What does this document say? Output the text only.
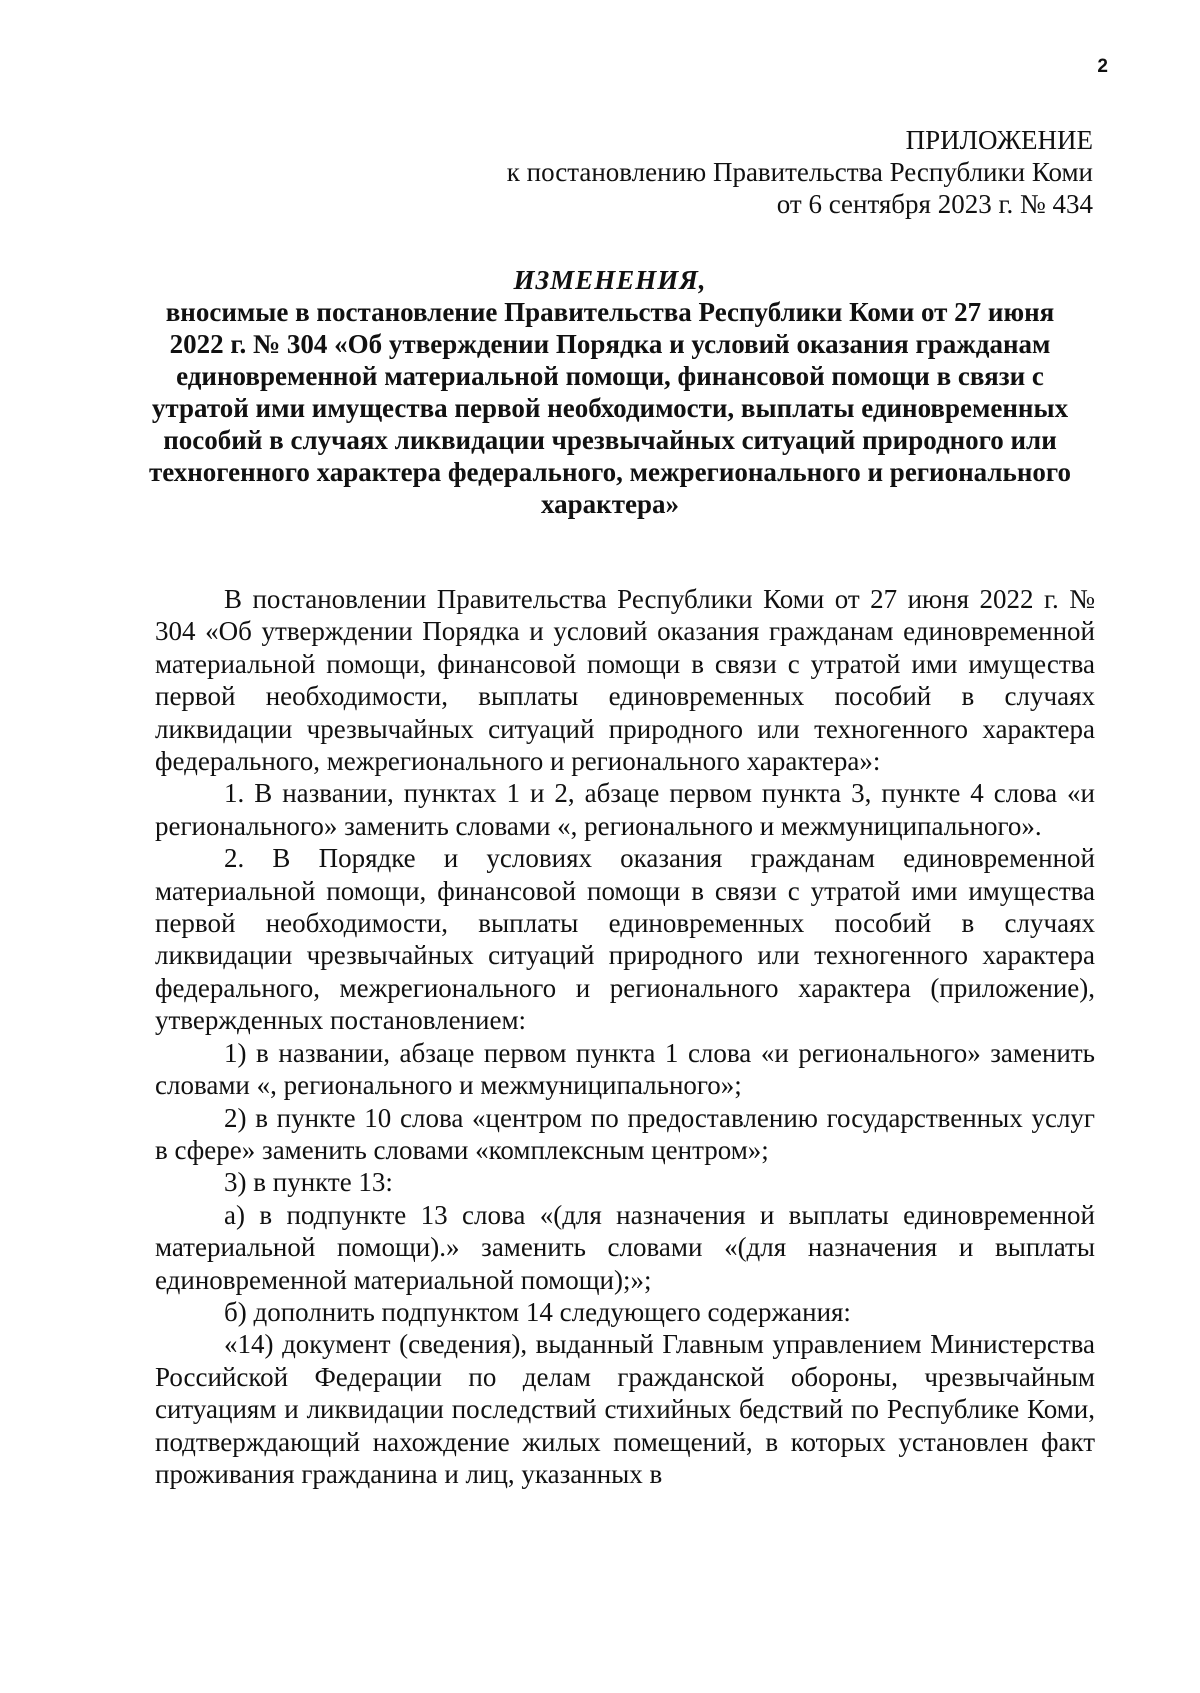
2
ПРИЛОЖЕНИЕ
к постановлению Правительства Республики Коми
от 6 сентября 2023 г. № 434
ИЗМЕНЕНИЯ,
вносимые в постановление Правительства Республики Коми от 27 июня 2022 г. № 304 «Об утверждении Порядка и условий оказания гражданам единовременной материальной помощи, финансовой помощи в связи с утратой ими имущества первой необходимости, выплаты единовременных пособий в случаях ликвидации чрезвычайных ситуаций природного или техногенного характера федерального, межрегионального и регионального характера»

В постановлении Правительства Республики Коми от 27 июня 2022 г. № 304 «Об утверждении Порядка и условий оказания гражданам единовременной материальной помощи, финансовой помощи в связи с утратой ими имущества первой необходимости, выплаты единовременных пособий в случаях ликвидации чрезвычайных ситуаций природного или техногенного характера федерального, межрегионального и регионального характера»:

1. В названии, пунктах 1 и 2, абзаце первом пункта 3, пункте 4 слова «и регионального» заменить словами «, регионального и межмуниципального».

2. В Порядке и условиях оказания гражданам единовременной материальной помощи, финансовой помощи в связи с утратой ими имущества первой необходимости, выплаты единовременных пособий в случаях ликвидации чрезвычайных ситуаций природного или техногенного характера федерального, межрегионального и регионального характера (приложение), утвержденных постановлением:

1) в названии, абзаце первом пункта 1 слова «и регионального» заменить словами «, регионального и межмуниципального»;

2) в пункте 10 слова «центром по предоставлению государственных услуг в сфере» заменить словами «комплексным центром»;

3) в пункте 13:

а) в подпункте 13 слова «(для назначения и выплаты единовременной материальной помощи).» заменить словами «(для назначения и выплаты единовременной материальной помощи);»;

б) дополнить подпунктом 14 следующего содержания:

«14) документ (сведения), выданный Главным управлением Министерства Российской Федерации по делам гражданской обороны, чрезвычайным ситуациям и ликвидации последствий стихийных бедствий по Республике Коми, подтверждающий нахождение жилых помещений, в которых установлен факт проживания гражданина и лиц, указанных в
